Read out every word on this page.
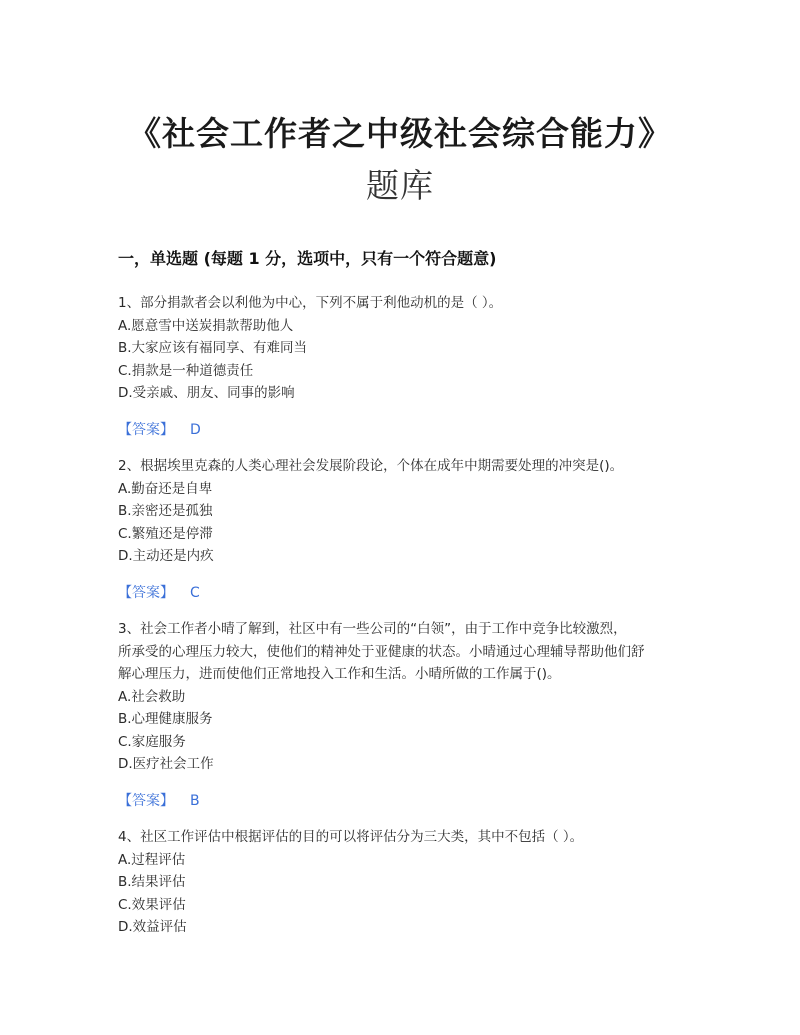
《社会工作者之中级社会综合能力》
题库
一，单选题 (每题 1 分，选项中，只有一个符合题意)
1、部分捐款者会以利他为中心，下列不属于利他动机的是（ ）。
A.愿意雪中送炭捐款帮助他人
B.大家应该有福同享、有难同当
C.捐款是一种道德责任
D.受亲戚、朋友、同事的影响
【答案】 D
2、根据埃里克森的人类心理社会发展阶段论，个体在成年中期需要处理的冲突是()。
A.勤奋还是自卑
B.亲密还是孤独
C.繁殖还是停滞
D.主动还是内疚
【答案】 C
3、社会工作者小晴了解到，社区中有一些公司的“白领”，由于工作中竞争比较激烈，
所承受的心理压力较大，使他们的精神处于亚健康的状态。小晴通过心理辅导帮助他们舒
解心理压力，进而使他们正常地投入工作和生活。小晴所做的工作属于()。
A.社会救助
B.心理健康服务
C.家庭服务
D.医疗社会工作
【答案】 B
4、社区工作评估中根据评估的目的可以将评估分为三大类，其中不包括（ ）。
A.过程评估
B.结果评估
C.效果评估
D.效益评估
